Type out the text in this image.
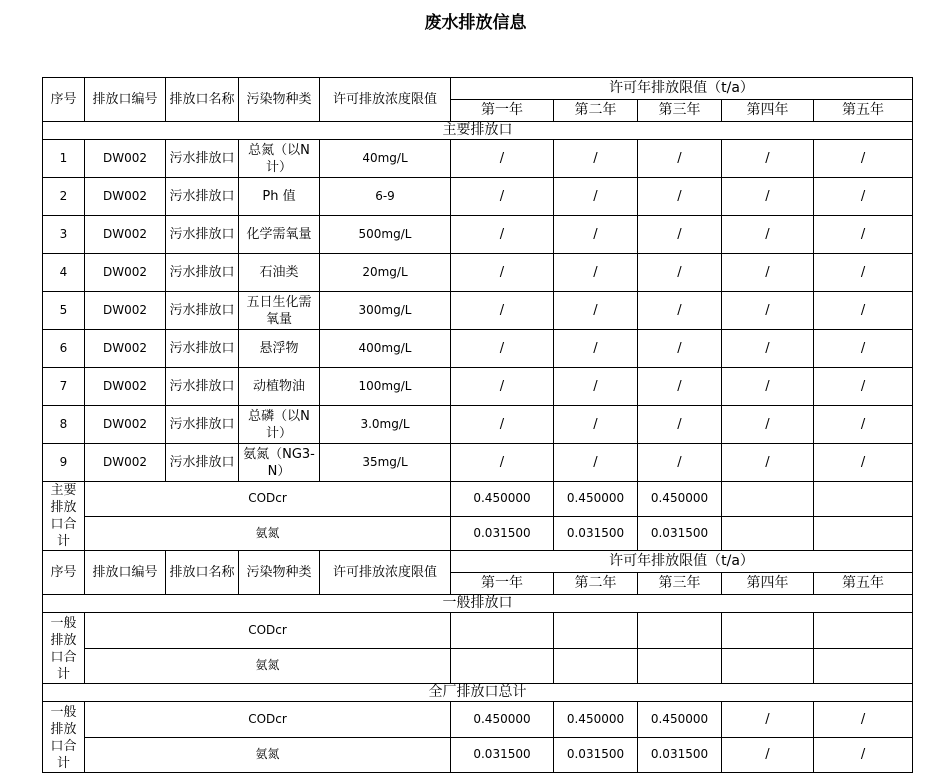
废水排放信息
序号	排放口编号	排放口名称	污染物种类	许可排放浓度限值	许可年排放限值（t/a）				
					第一年	第二年	第三年	第四年	第五年
主要排放口									
1	DW002	污水排放口	总氮（以N计）	40mg/L	/	/	/	/	/
2	DW002	污水排放口	Ph 值	6-9	/	/	/	/	/
3	DW002	污水排放口	化学需氧量	500mg/L	/	/	/	/	/
4	DW002	污水排放口	石油类	20mg/L	/	/	/	/	/
5	DW002	污水排放口	五日生化需氧量	300mg/L	/	/	/	/	/
6	DW002	污水排放口	悬浮物	400mg/L	/	/	/	/	/
7	DW002	污水排放口	动植物油	100mg/L	/	/	/	/	/
8	DW002	污水排放口	总磷（以N计）	3.0mg/L	/	/	/	/	/
9	DW002	污水排放口	氨氮（NG3-N）	35mg/L	/	/	/	/	/
主要排放口合计	CODcr				0.450000	0.450000	0.450000		
	氨氮				0.031500	0.031500	0.031500		
序号	排放口编号	排放口名称	污染物种类	许可排放浓度限值	许可年排放限值（t/a）				
					第一年	第二年	第三年	第四年	第五年
一般排放口									
一般排放口合计	CODcr								
	氨氮								
全厂排放口总计									
一般排放口合计	CODcr				0.450000	0.450000	0.450000	/	/
	氨氮				0.031500	0.031500	0.031500	/	/
